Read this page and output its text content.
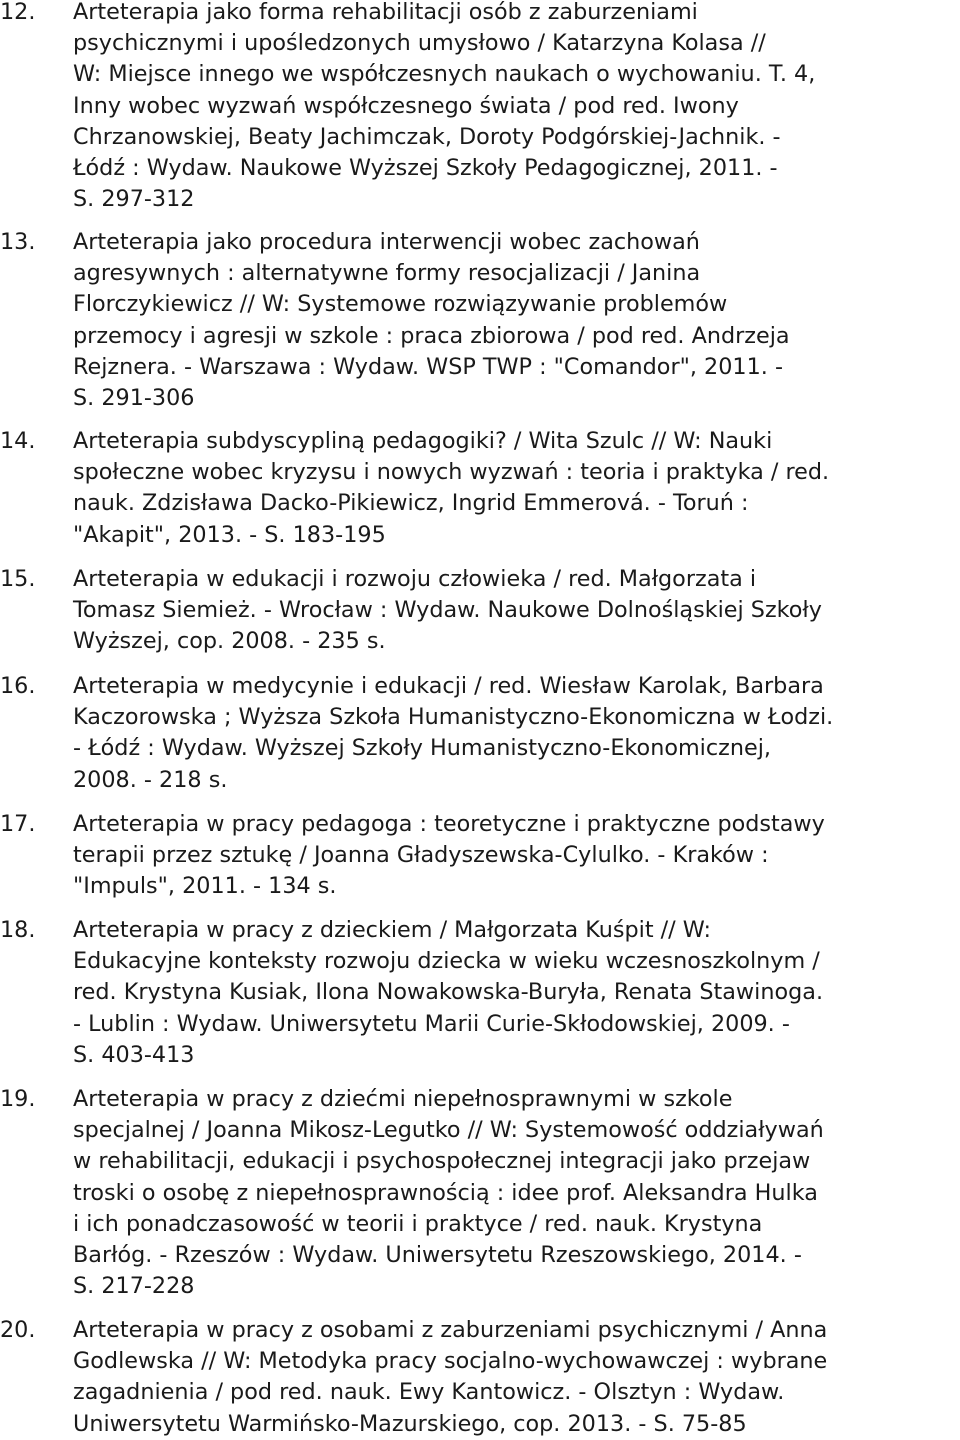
12.	Arteterapia jako forma rehabilitacji osób z zaburzeniami
psychicznymi i upośledzonych umysłowo / Katarzyna Kolasa //
W: Miejsce innego we współczesnych naukach o wychowaniu. T. 4,
Inny wobec wyzwań współczesnego świata / pod red. Iwony
Chrzanowskiej, Beaty Jachimczak, Doroty Podgórskiej-Jachnik. -
Łódź : Wydaw. Naukowe Wyższej Szkoły Pedagogicznej, 2011. -
S. 297-312
13.	Arteterapia jako procedura interwencji wobec zachowań
agresywnych : alternatywne formy resocjalizacji / Janina
Florczykiewicz // W: Systemowe rozwiązywanie problemów
przemocy i agresji w szkole : praca zbiorowa / pod red. Andrzeja
Rejznera. - Warszawa : Wydaw. WSP TWP : "Comandor", 2011. -
S. 291-306
14.	Arteterapia subdyscypliną pedagogiki? / Wita Szulc // W: Nauki
społeczne wobec kryzysu i nowych wyzwań : teoria i praktyka / red.
nauk. Zdzisława Dacko-Pikiewicz, Ingrid Emmerová. - Toruń :
"Akapit", 2013. - S. 183-195
15.	Arteterapia w edukacji i rozwoju człowieka / red. Małgorzata i
Tomasz Siemież. - Wrocław : Wydaw. Naukowe Dolnośląskiej Szkoły
Wyższej, cop. 2008. - 235 s.
16.	Arteterapia w medycynie i edukacji / red. Wiesław Karolak, Barbara
Kaczorowska ; Wyższa Szkoła Humanistyczno-Ekonomiczna w Łodzi.
- Łódź : Wydaw. Wyższej Szkoły Humanistyczno-Ekonomicznej,
2008. - 218 s.
17.	Arteterapia w pracy pedagoga : teoretyczne i praktyczne podstawy
terapii przez sztukę / Joanna Gładyszewska-Cylulko. - Kraków :
"Impuls", 2011. - 134 s.
18.	Arteterapia w pracy z dzieckiem / Małgorzata Kuśpit // W:
Edukacyjne konteksty rozwoju dziecka w wieku wczesnoszkolnym /
red. Krystyna Kusiak, Ilona Nowakowska-Buryła, Renata Stawinoga.
- Lublin : Wydaw. Uniwersytetu Marii Curie-Skłodowskiej, 2009. -
S. 403-413
19.	Arteterapia w pracy z dziećmi niepełnosprawnymi w szkole
specjalnej / Joanna Mikosz-Legutko // W: Systemowość oddziaływań
w rehabilitacji, edukacji i psychospołecznej integracji jako przejaw
troski o osobę z niepełnosprawnością : idee prof. Aleksandra Hulka
i ich ponadczasowość w teorii i praktyce / red. nauk. Krystyna
Barłóg. - Rzeszów : Wydaw. Uniwersytetu Rzeszowskiego, 2014. -
S. 217-228
20.	Arteterapia w pracy z osobami z zaburzeniami psychicznymi / Anna
Godlewska // W: Metodyka pracy socjalno-wychowawczej : wybrane
zagadnienia / pod red. nauk. Ewy Kantowicz. - Olsztyn : Wydaw.
Uniwersytetu Warmińsko-Mazurskiego, cop. 2013. - S. 75-85
